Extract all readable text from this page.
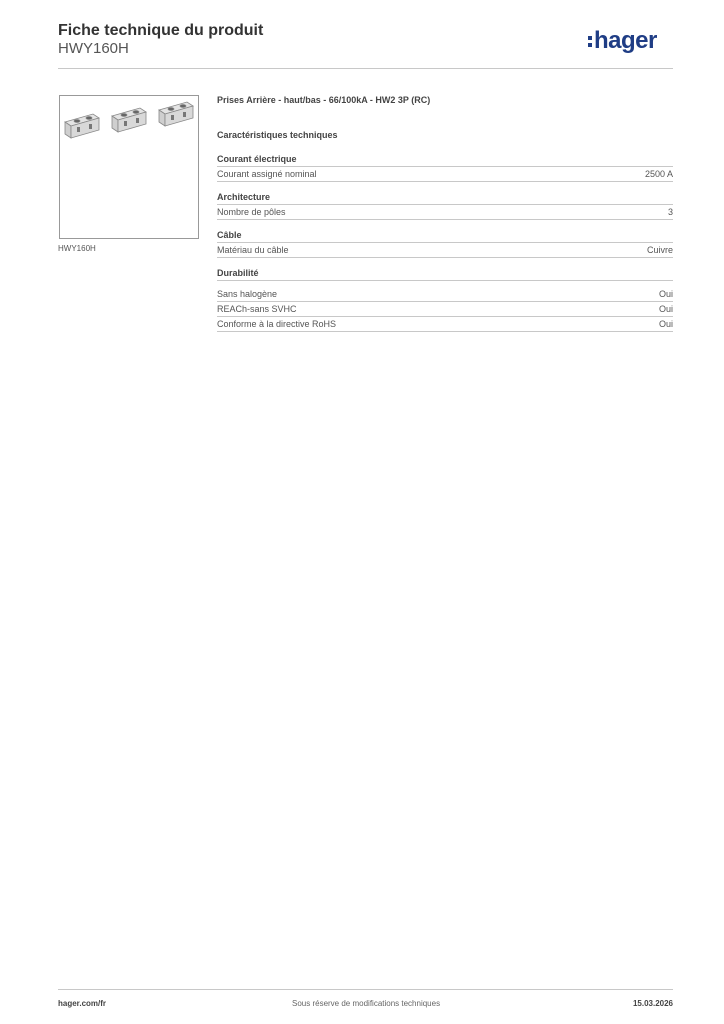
Fiche technique du produit
HWY160H	hager
HWY160H
Prises Arrière - haut/bas - 66/100kA - HW2 3P (RC)
Caractéristiques techniques
Courant électrique
Courant assigné nominal	2500 A
Architecture
Nombre de pôles	3
Câble
Matériau du câble	Cuivre
Durabilité
Sans halogène	Oui
REACh-sans SVHC	Oui
Conforme à la directive RoHS	Oui
hager.com/fr	Sous réserve de modifications techniques	15.03.2026
